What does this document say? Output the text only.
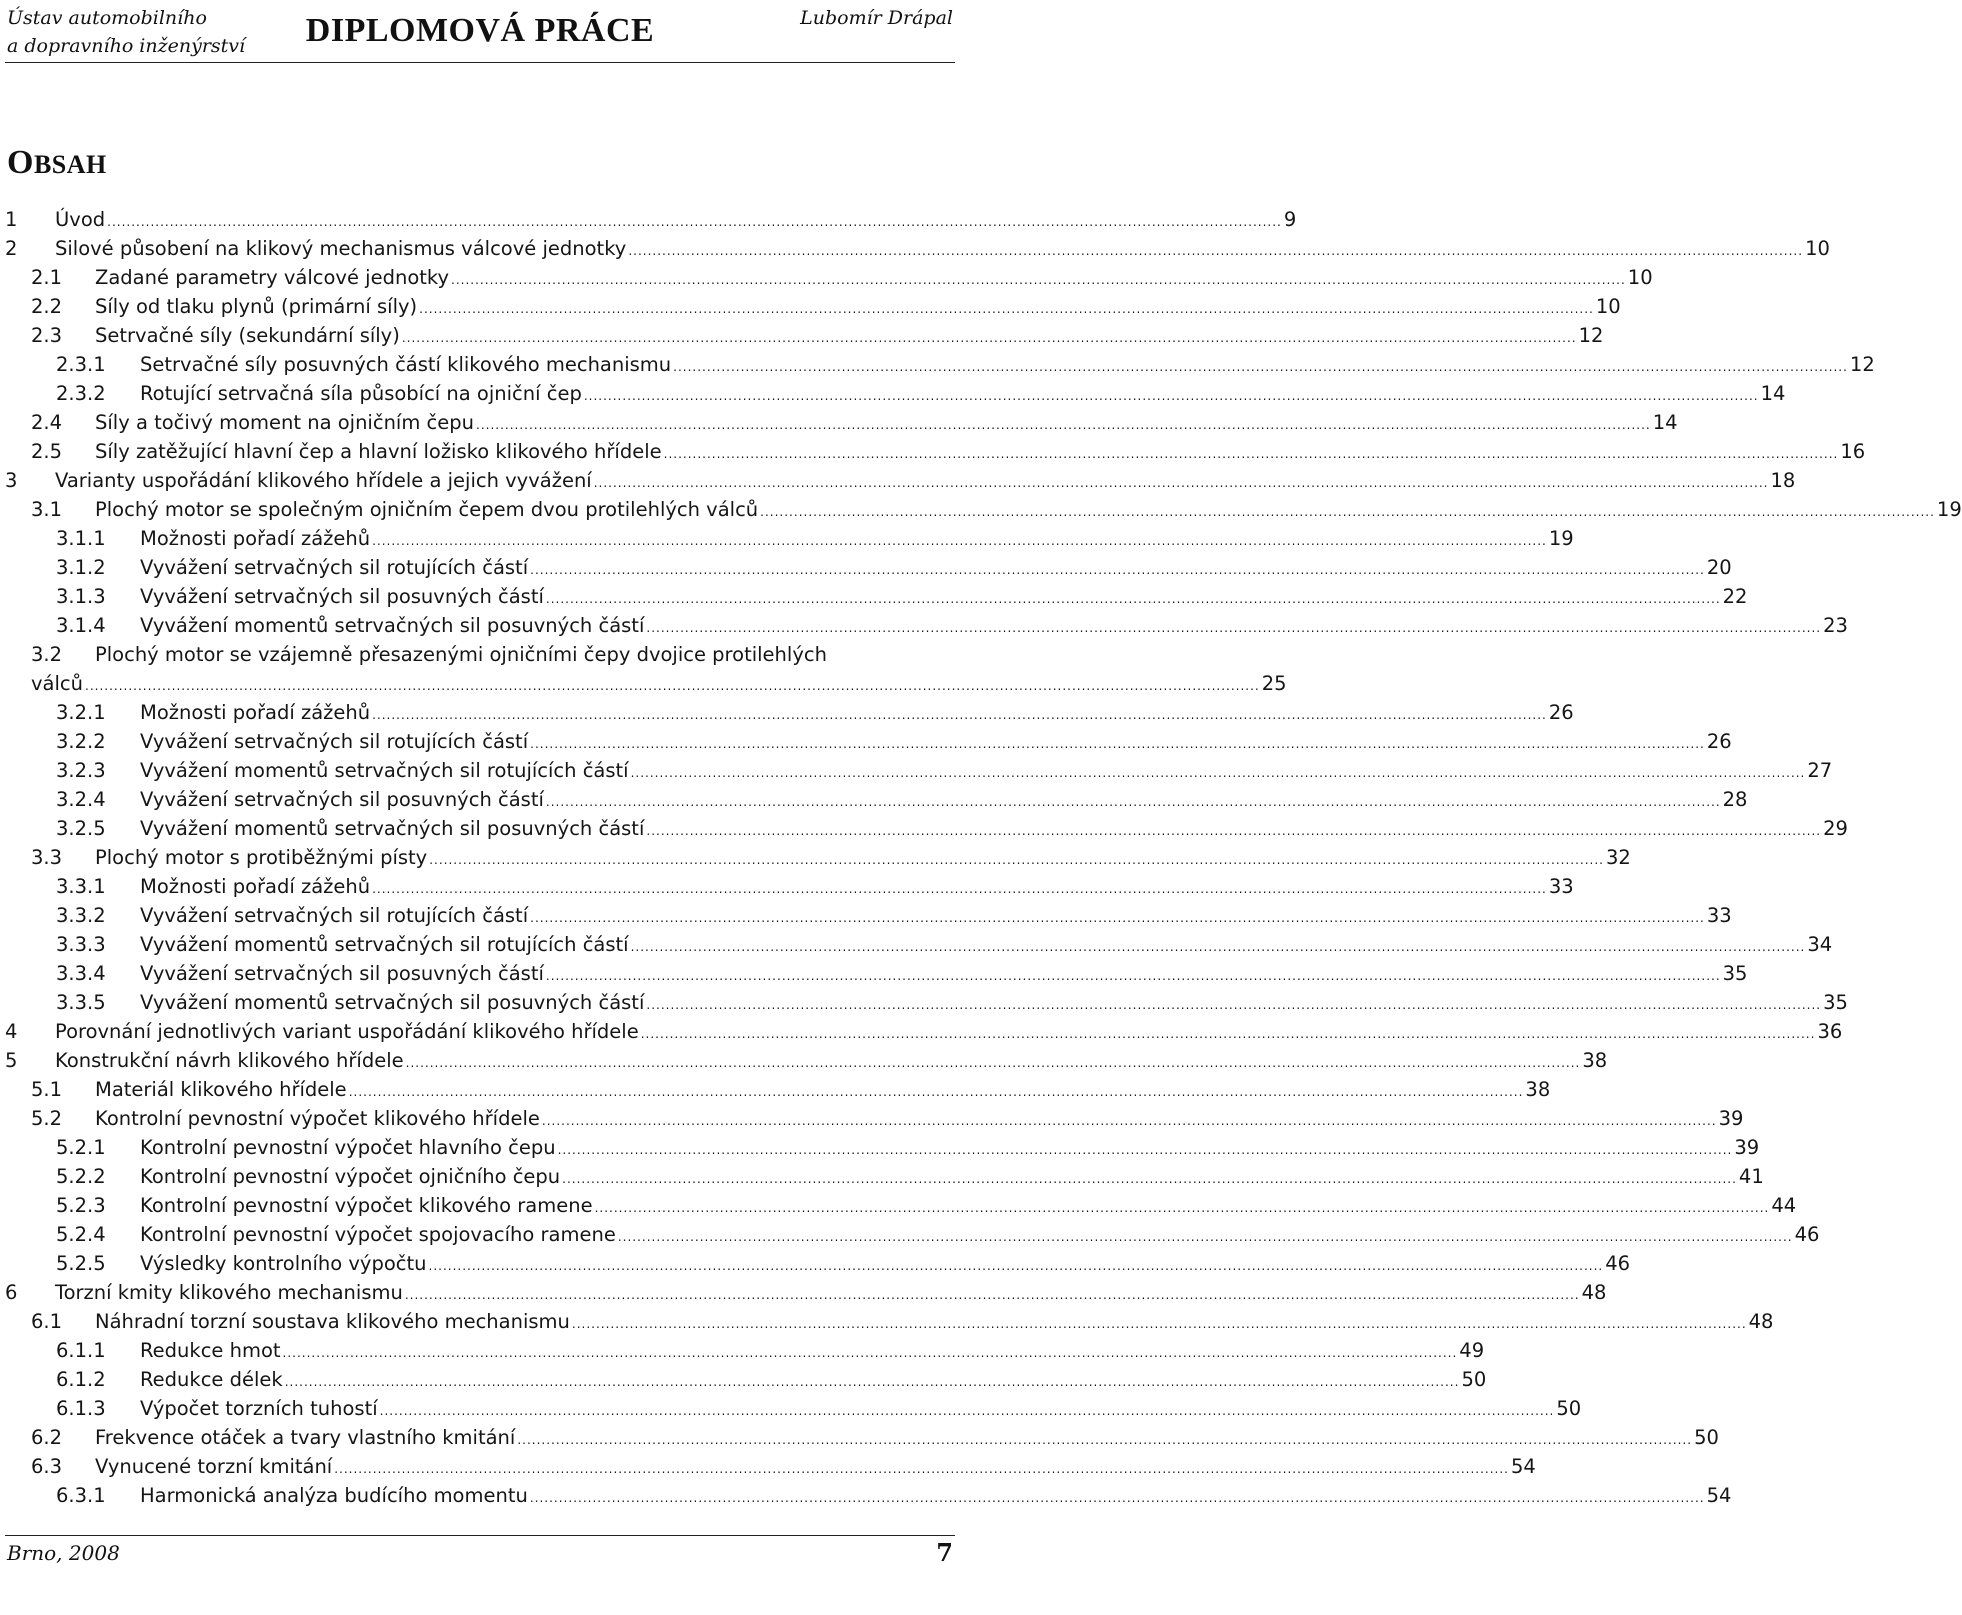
Ústav automobilního
a dopravního inženýrství	DIPLOMOVÁ PRÁCE	Lubomír Drápal
OBSAH
1	Úvod .....	9
2	Silové působení na klikový mechanismus válcové jednotky .....	10
2.1	Zadané parametry válcové jednotky .....	10
2.2	Síly od tlaku plynů (primární síly) .....	10
2.3	Setrvačné síly (sekundární síly) .....	12
2.3.1	Setrvačné síly posuvných částí klikového mechanismu .....	12
2.3.2	Rotující setrvačná síla působící na ojniční čep .....	14
2.4	Síly a točivý moment na ojničním čepu .....	14
2.5	Síly zatěžující hlavní čep a hlavní ložisko klikového hřídele .....	16
3	Varianty uspořádání klikového hřídele a jejich vyvážení .....	18
3.1	Plochý motor se společným ojničním čepem dvou protilehlých válců .....	19
3.1.1	Možnosti pořadí zážehů .....	19
3.1.2	Vyvážení setrvačných sil rotujících částí .....	20
3.1.3	Vyvážení setrvačných sil posuvných částí .....	22
3.1.4	Vyvážení momentů setrvačných sil posuvných částí .....	23
3.2	Plochý motor se vzájemně přesazenými ojničními čepy dvojice protilehlých
válců .....	25
3.2.1	Možnosti pořadí zážehů .....	26
3.2.2	Vyvážení setrvačných sil rotujících částí .....	26
3.2.3	Vyvážení momentů setrvačných sil rotujících částí .....	27
3.2.4	Vyvážení setrvačných sil posuvných částí .....	28
3.2.5	Vyvážení momentů setrvačných sil posuvných částí .....	29
3.3	Plochý motor s protiběžnými písty .....	32
3.3.1	Možnosti pořadí zážehů .....	33
3.3.2	Vyvážení setrvačných sil rotujících částí .....	33
3.3.3	Vyvážení momentů setrvačných sil rotujících částí .....	34
3.3.4	Vyvážení setrvačných sil posuvných částí .....	35
3.3.5	Vyvážení momentů setrvačných sil posuvných částí .....	35
4	Porovnání jednotlivých variant uspořádání klikového hřídele .....	36
5	Konstrukční návrh klikového hřídele .....	38
5.1	Materiál klikového hřídele .....	38
5.2	Kontrolní pevnostní výpočet klikového hřídele .....	39
5.2.1	Kontrolní pevnostní výpočet hlavního čepu .....	39
5.2.2	Kontrolní pevnostní výpočet ojničního čepu .....	41
5.2.3	Kontrolní pevnostní výpočet klikového ramene .....	44
5.2.4	Kontrolní pevnostní výpočet spojovacího ramene .....	46
5.2.5	Výsledky kontrolního výpočtu .....	46
6	Torzní kmity klikového mechanismu .....	48
6.1	Náhradní torzní soustava klikového mechanismu .....	48
6.1.1	Redukce hmot .....	49
6.1.2	Redukce délek .....	50
6.1.3	Výpočet torzních tuhostí .....	50
6.2	Frekvence otáček a tvary vlastního kmitání .....	50
6.3	Vynucené torzní kmitání .....	54
6.3.1	Harmonická analýza budícího momentu .....	54
Brno, 2008	7
